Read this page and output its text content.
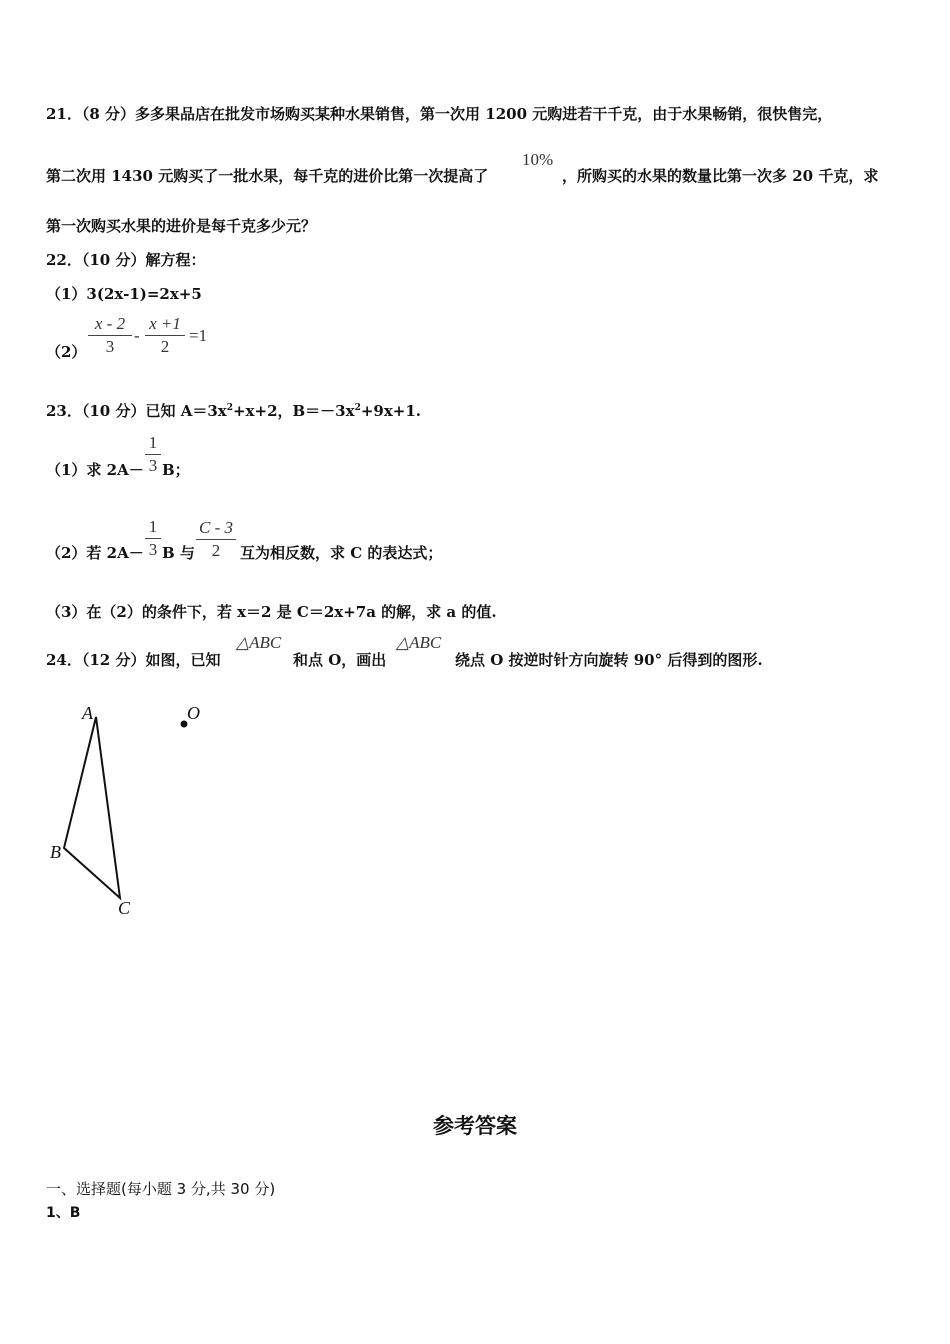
21．（8 分）多多果品店在批发市场购买某种水果销售，第一次用 1200 元购进若干千克，由于水果畅销，很快售完，
第二次用 1430 元购买了一批水果，每千克的进价比第一次提高了
10%
，所购买的水果的数量比第一次多 20 千克，求
第一次购买水果的进价是每千克多少元？
22．（10 分）解方程：
（1）3(2x-1)=2x+5
（2）
x - 2
3
-
x +1
2
=1
23．（10 分）已知 $A=3x^2+x+2$，$B=-3x^2+9x+1$.
（1）求 2A－
1
3 B；
（2）若 2A－
1
3 B 与
C - 3
2	互为相反数，求 C 的表达式；
（3）在（2）的条件下，若 x＝2 是 C＝2x+7a 的解，求 a 的值.
24．（12 分）如图，已知
△ABC
和点 O，画出
△ABC
绕点 O 按逆时针方向旋转 90° 后得到的图形.
A
B
C
O
参考答案
一、选择题(每小题 3 分,共 30 分)
1、B
